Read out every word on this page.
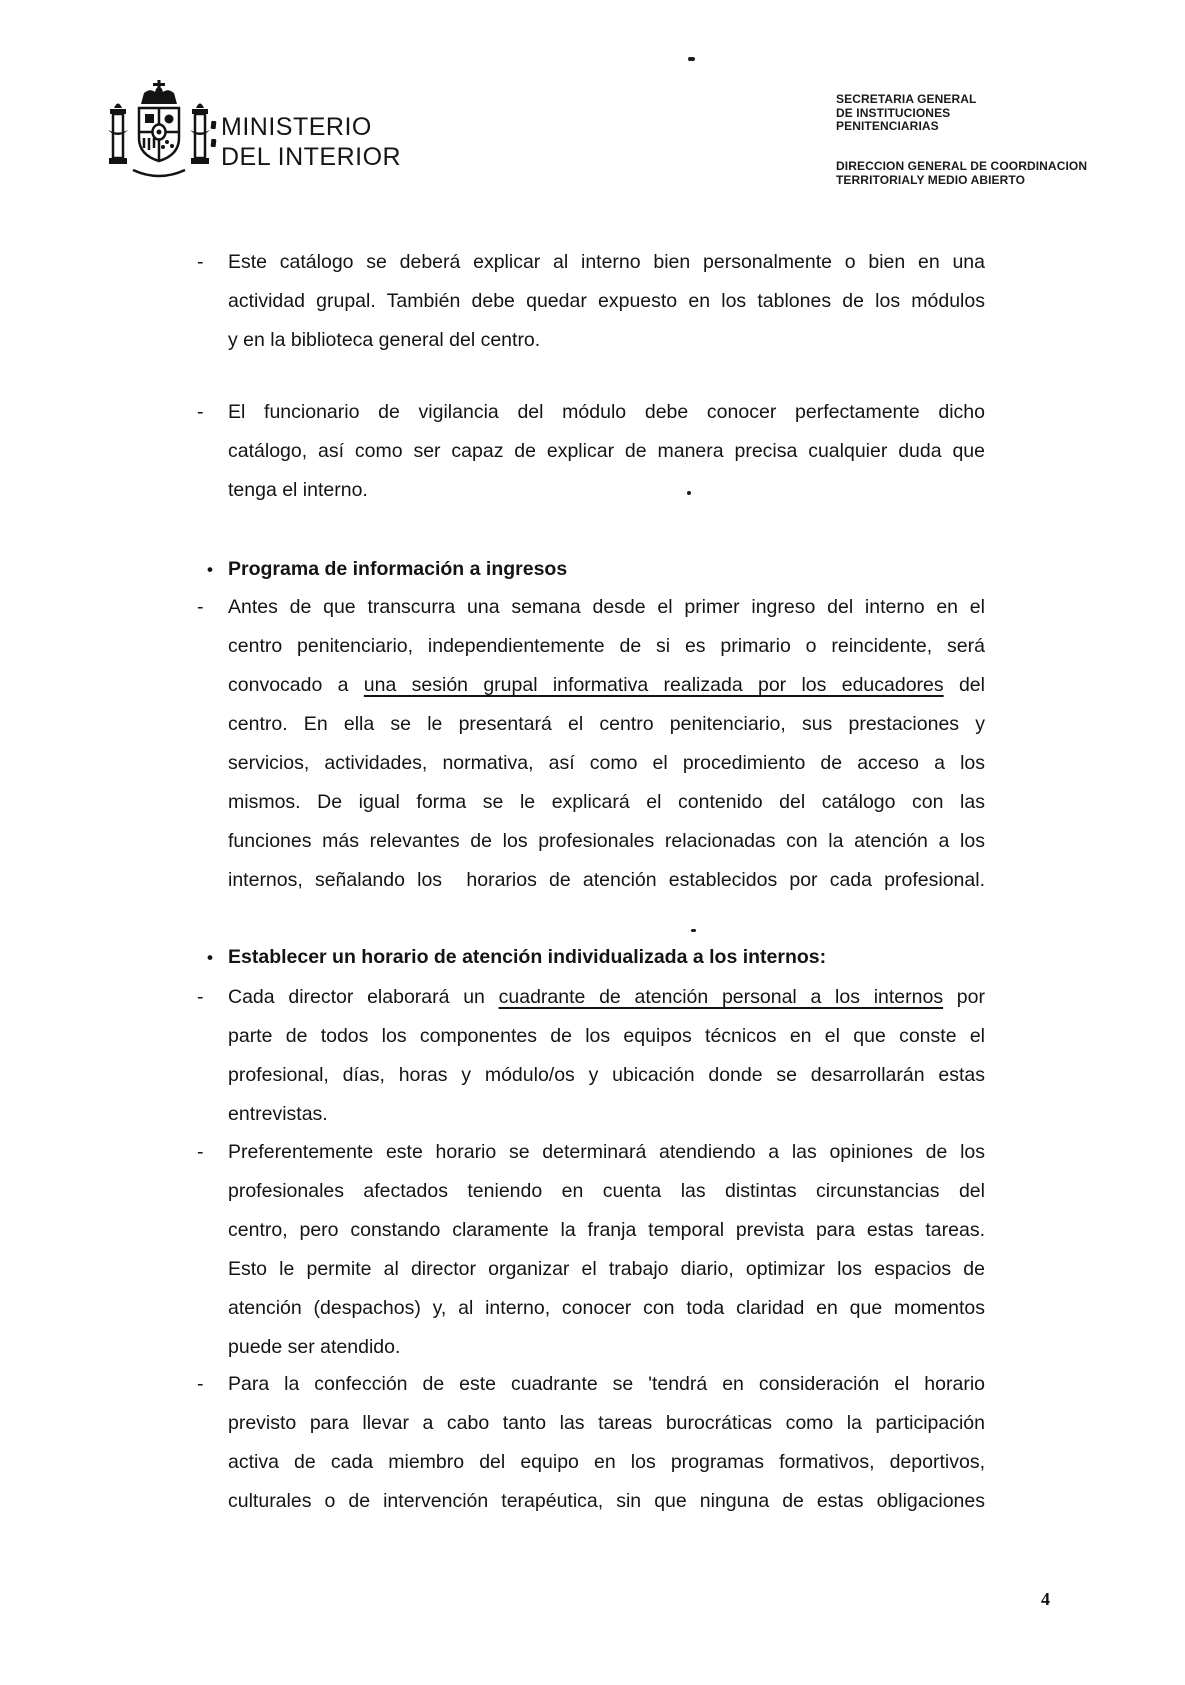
MINISTERIO
DEL INTERIOR
SECRETARIA GENERAL
DE INSTITUCIONES
PENITENCIARIAS
DIRECCION GENERAL DE COORDINACION
TERRITORIALY MEDIO ABIERTO
- Este catálogo se deberá explicar al interno bien personalmente o bien en una
actividad grupal. También debe quedar expuesto en los tablones de los módulos
y en la biblioteca general del centro.
- El funcionario de vigilancia del módulo debe conocer perfectamente dicho
catálogo, así como ser capaz de explicar de manera precisa cualquier duda que
tenga el interno.
• Programa de información a ingresos
- Antes de que transcurra una semana desde el primer ingreso del interno en el
centro penitenciario, independientemente de si es primario o reincidente, será
convocado a una sesión grupal informativa realizada por los educadores del
centro. En ella se le presentará el centro penitenciario, sus prestaciones y
servicios, actividades, normativa, así como el procedimiento de acceso a los
mismos. De igual forma se le explicará el contenido del catálogo con las
funciones más relevantes de los profesionales relacionadas con la atención a los
internos, señalando los  horarios de atención establecidos por cada profesional.
• Establecer un horario de atención individualizada a los internos:
- Cada director elaborará un cuadrante de atención personal a los internos por
parte de todos los componentes de los equipos técnicos en el que conste el
profesional, días, horas y módulo/os y ubicación donde se desarrollarán estas
entrevistas.
- Preferentemente este horario se determinará atendiendo a las opiniones de los
profesionales afectados teniendo en cuenta las distintas circunstancias del
centro, pero constando claramente la franja temporal prevista para estas tareas.
Esto le permite al director organizar el trabajo diario, optimizar los espacios de
atención (despachos) y, al interno, conocer con toda claridad en que momentos
puede ser atendido.
- Para la confección de este cuadrante se 'tendrá en consideración el horario
previsto para llevar a cabo tanto las tareas burocráticas como la participación
activa de cada miembro del equipo en los programas formativos, deportivos,
culturales o de intervención terapéutica, sin que ninguna de estas obligaciones
4
